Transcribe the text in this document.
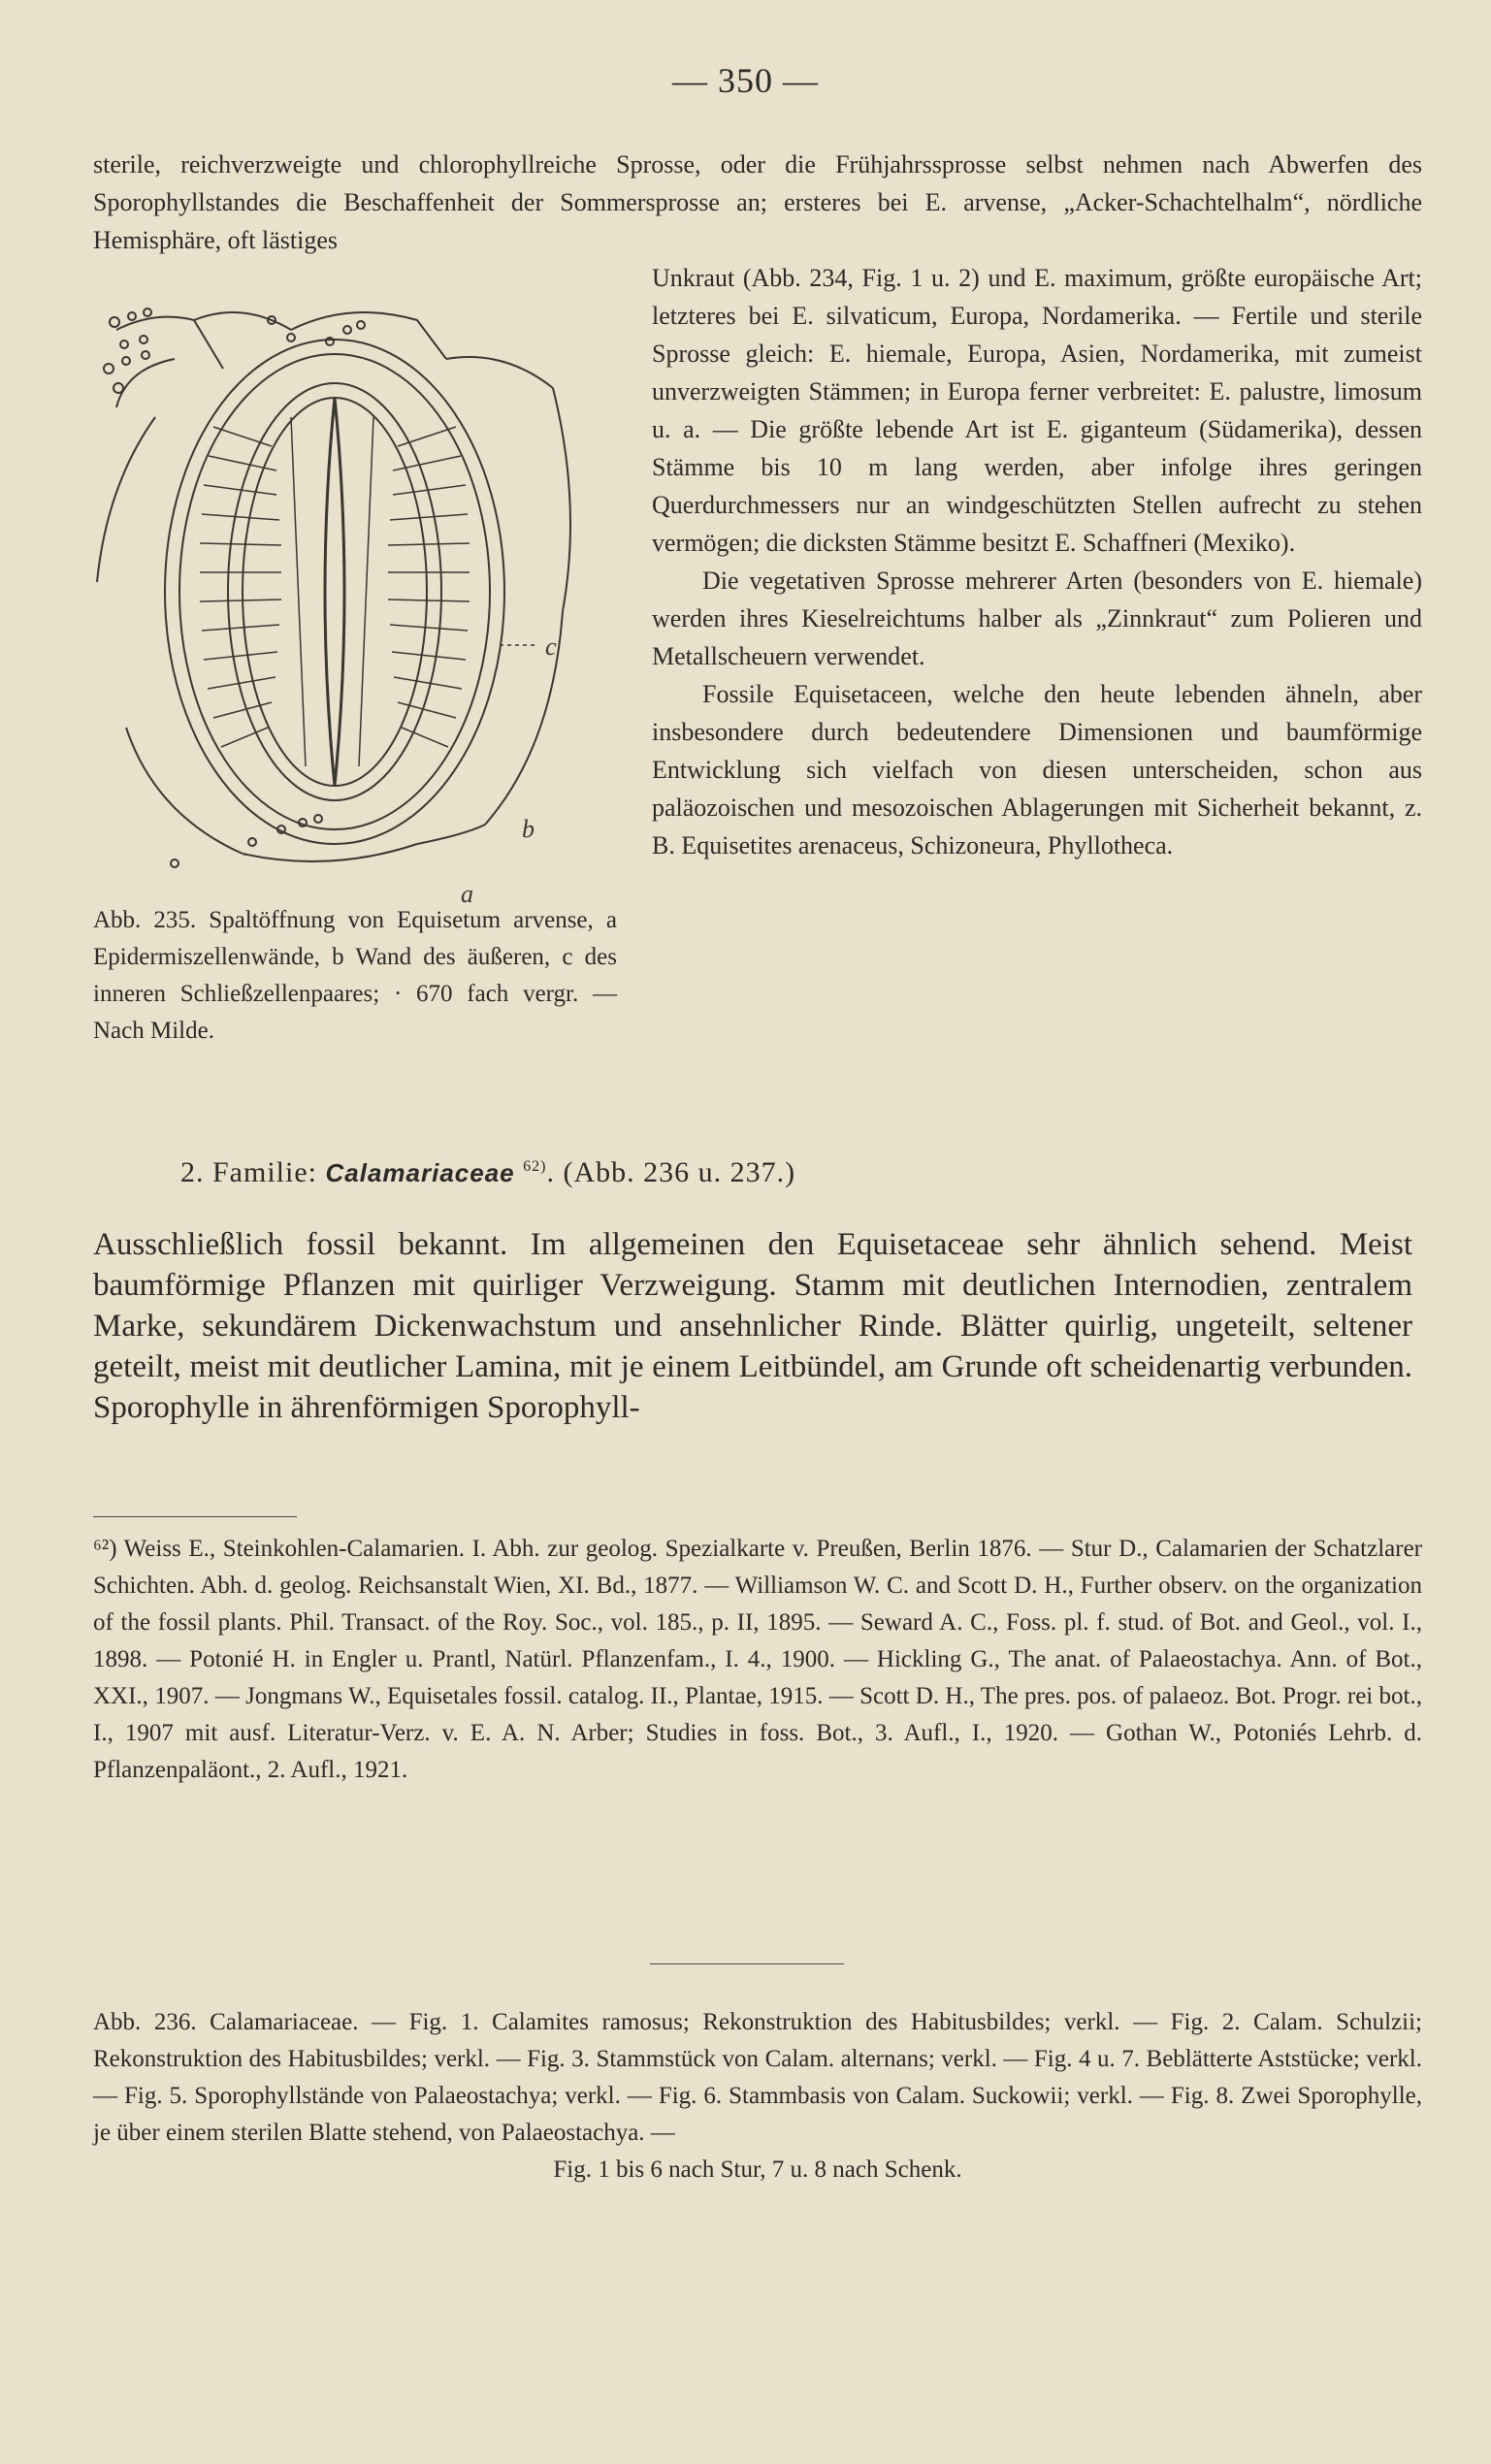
— 350 —

sterile, reichverzweigte und chlorophyllreiche Sprosse, oder die Frühjahrssprosse selbst nehmen nach Abwerfen des Sporophyllstandes die Beschaffenheit der Sommersprosse an; ersteres bei E. arvense, „Acker-Schachtelhalm“, nördliche Hemisphäre, oft lästiges

Unkraut (Abb. 234, Fig. 1 u. 2) und E. maximum, größte europäische Art; letzteres bei E. silvaticum, Europa, Nordamerika. — Fertile und sterile Sprosse gleich: E. hiemale, Europa, Asien, Nordamerika, mit zumeist unverzweigten Stämmen; in Europa ferner verbreitet: E. palustre, limosum u. a. — Die größte lebende Art ist E. giganteum (Südamerika), dessen Stämme bis 10 m lang werden, aber infolge ihres geringen Querdurchmessers nur an windgeschützten Stellen aufrecht zu stehen vermögen; die dicksten Stämme besitzt E. Schaffneri (Mexiko).

Die vegetativen Sprosse mehrerer Arten (besonders von E. hiemale) werden ihres Kieselreichtums halber als „Zinnkraut“ zum Polieren und Metallscheuern verwendet.

Fossile Equisetaceen, welche den heute lebenden ähneln, aber insbesondere durch bedeutendere Dimensionen und baumförmige Entwicklung sich vielfach von diesen unterscheiden, schon aus paläozoischen und mesozoischen Ablagerungen mit Sicherheit bekannt, z. B. Equisetites arenaceus, Schizoneura, Phyllotheca.

c
b
a
Abb. 235. Spaltöffnung von Equisetum arvense, a Epidermiszellenwände, b Wand des äußeren, c des inneren Schließzellenpaares; · 670 fach vergr. — Nach Milde.
2. Familie: Calamariaceae $^{62)}$. (Abb. 236 u. 237.)

Ausschließlich fossil bekannt. Im allgemeinen den Equisetaceae sehr ähnlich sehend. Meist baumförmige Pflanzen mit quirliger Verzweigung. Stamm mit deutlichen Internodien, zentralem Marke, sekundärem Dickenwachstum und ansehnlicher Rinde. Blätter quirlig, ungeteilt, seltener geteilt, meist mit deutlicher Lamina, mit je einem Leitbündel, am Grunde oft scheidenartig verbunden. Sporophylle in ährenförmigen Sporophyll-

⁶²) Weiss E., Steinkohlen-Calamarien. I. Abh. zur geolog. Spezialkarte v. Preußen, Berlin 1876. — Stur D., Calamarien der Schatzlarer Schichten. Abh. d. geolog. Reichsanstalt Wien, XI. Bd., 1877. — Williamson W. C. and Scott D. H., Further observ. on the organization of the fossil plants. Phil. Transact. of the Roy. Soc., vol. 185., p. II, 1895. — Seward A. C., Foss. pl. f. stud. of Bot. and Geol., vol. I., 1898. — Potonié H. in Engler u. Prantl, Natürl. Pflanzenfam., I. 4., 1900. — Hickling G., The anat. of Palaeostachya. Ann. of Bot., XXI., 1907. — Jongmans W., Equisetales fossil. catalog. II., Plantae, 1915. — Scott D. H., The pres. pos. of palaeoz. Bot. Progr. rei bot., I., 1907 mit ausf. Literatur-Verz. v. E. A. N. Arber; Studies in foss. Bot., 3. Aufl., I., 1920. — Gothan W., Potoniés Lehrb. d. Pflanzenpaläont., 2. Aufl., 1921.

Abb. 236. Calamariaceae. — Fig. 1. Calamites ramosus; Rekonstruktion des Habitusbildes; verkl. — Fig. 2. Calam. Schulzii; Rekonstruktion des Habitusbildes; verkl. — Fig. 3. Stammstück von Calam. alternans; verkl. — Fig. 4 u. 7. Beblätterte Aststücke; verkl. — Fig. 5. Sporophyllstände von Palaeostachya; verkl. — Fig. 6. Stammbasis von Calam. Suckowii; verkl. — Fig. 8. Zwei Sporophylle, je über einem sterilen Blatte stehend, von Palaeostachya. —
Fig. 1 bis 6 nach Stur, 7 u. 8 nach Schenk.
